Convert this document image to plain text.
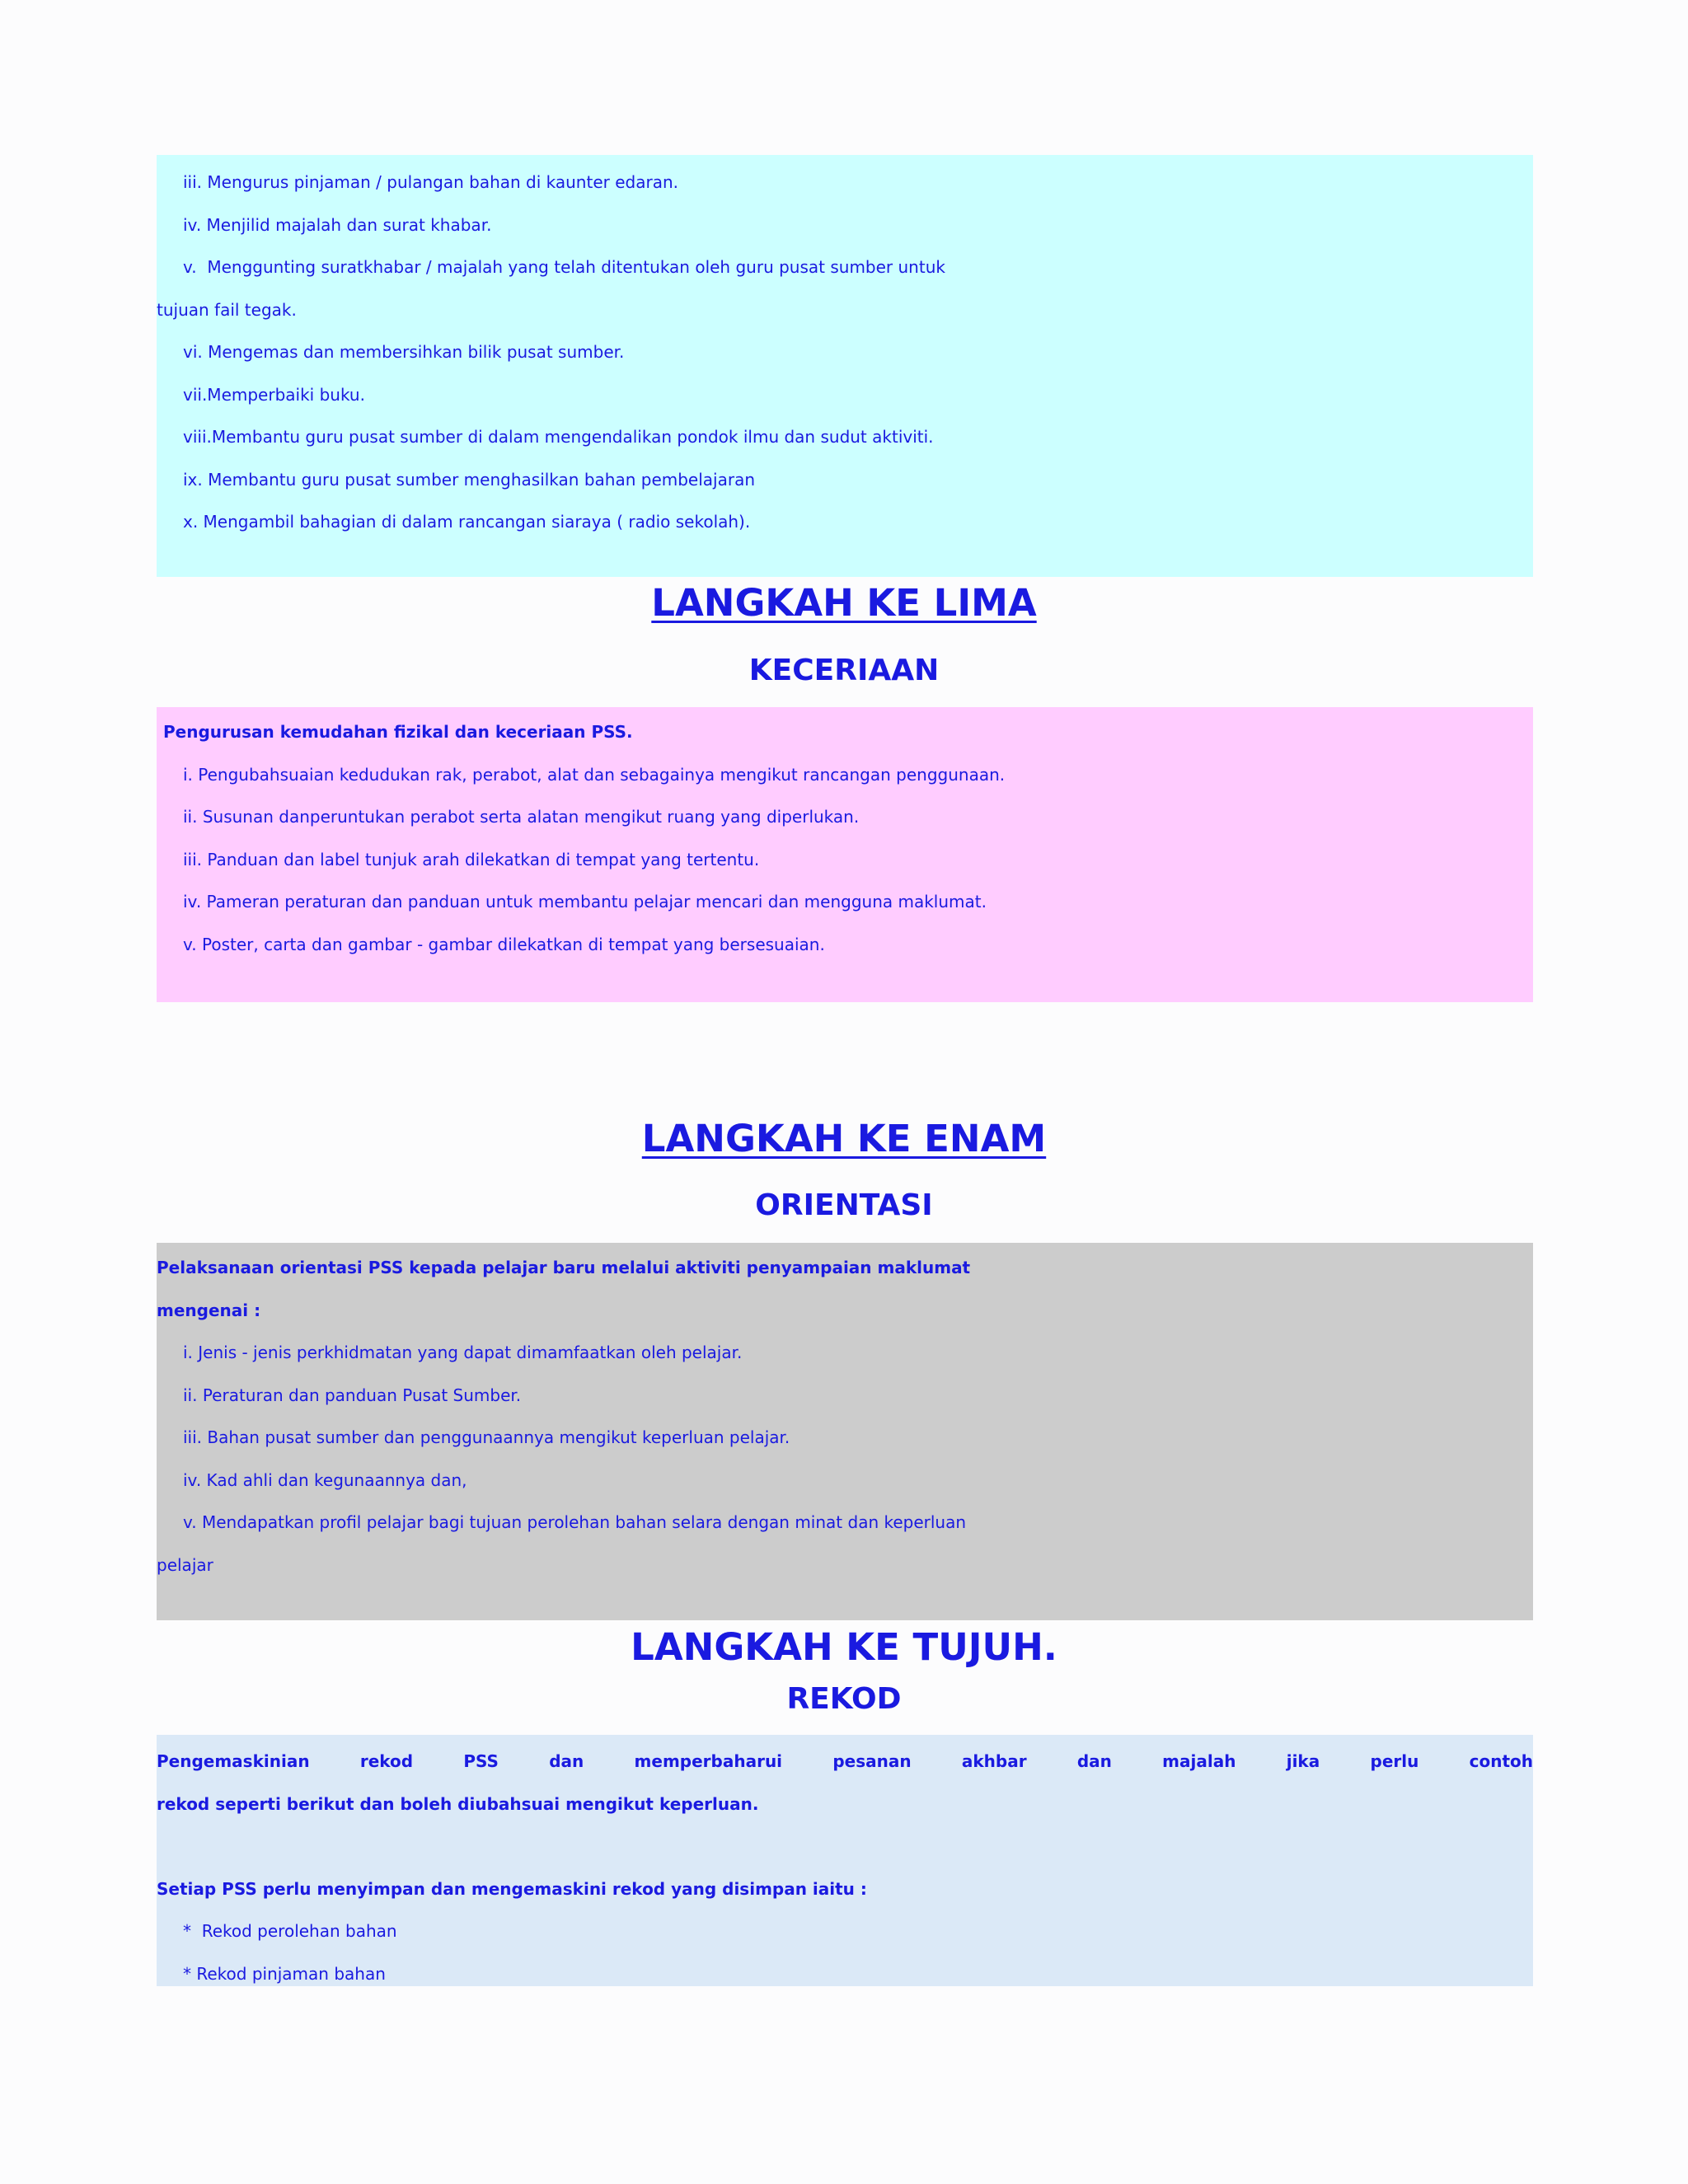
iii. Mengurus pinjaman / pulangan bahan di kaunter edaran.
iv. Menjilid majalah dan surat khabar.
v.  Menggunting suratkhabar / majalah yang telah ditentukan oleh guru pusat sumber untuk
tujuan fail tegak.
vi. Mengemas dan membersihkan bilik pusat sumber.
vii.Memperbaiki buku.
viii.Membantu guru pusat sumber di dalam mengendalikan pondok ilmu dan sudut aktiviti.
ix. Membantu guru pusat sumber menghasilkan bahan pembelajaran
x. Mengambil bahagian di dalam rancangan siaraya ( radio sekolah).
LANGKAH KE LIMA
KECERIAAN
Pengurusan kemudahan fizikal dan keceriaan PSS.
i. Pengubahsuaian kedudukan rak, perabot, alat dan sebagainya mengikut rancangan penggunaan.
ii. Susunan danperuntukan perabot serta alatan mengikut ruang yang diperlukan.
iii. Panduan dan label tunjuk arah dilekatkan di tempat yang tertentu.
iv. Pameran peraturan dan panduan untuk membantu pelajar mencari dan mengguna maklumat.
v. Poster, carta dan gambar - gambar dilekatkan di tempat yang bersesuaian.
LANGKAH KE ENAM
ORIENTASI
Pelaksanaan orientasi PSS kepada pelajar baru melalui aktiviti penyampaian maklumat
mengenai :
i. Jenis - jenis perkhidmatan yang dapat dimamfaatkan oleh pelajar.
ii. Peraturan dan panduan Pusat Sumber.
iii. Bahan pusat sumber dan penggunaannya mengikut keperluan pelajar.
iv. Kad ahli dan kegunaannya dan,
v. Mendapatkan profil pelajar bagi tujuan perolehan bahan selara dengan minat dan keperluan
pelajar
LANGKAH KE TUJUH.
REKOD
Pengemaskinian rekod PSS dan memperbaharui pesanan akhbar dan majalah jika perlu contoh
rekod seperti berikut dan boleh diubahsuai mengikut keperluan.

Setiap PSS perlu menyimpan dan mengemaskini rekod yang disimpan iaitu :
*  Rekod perolehan bahan
* Rekod pinjaman bahan
